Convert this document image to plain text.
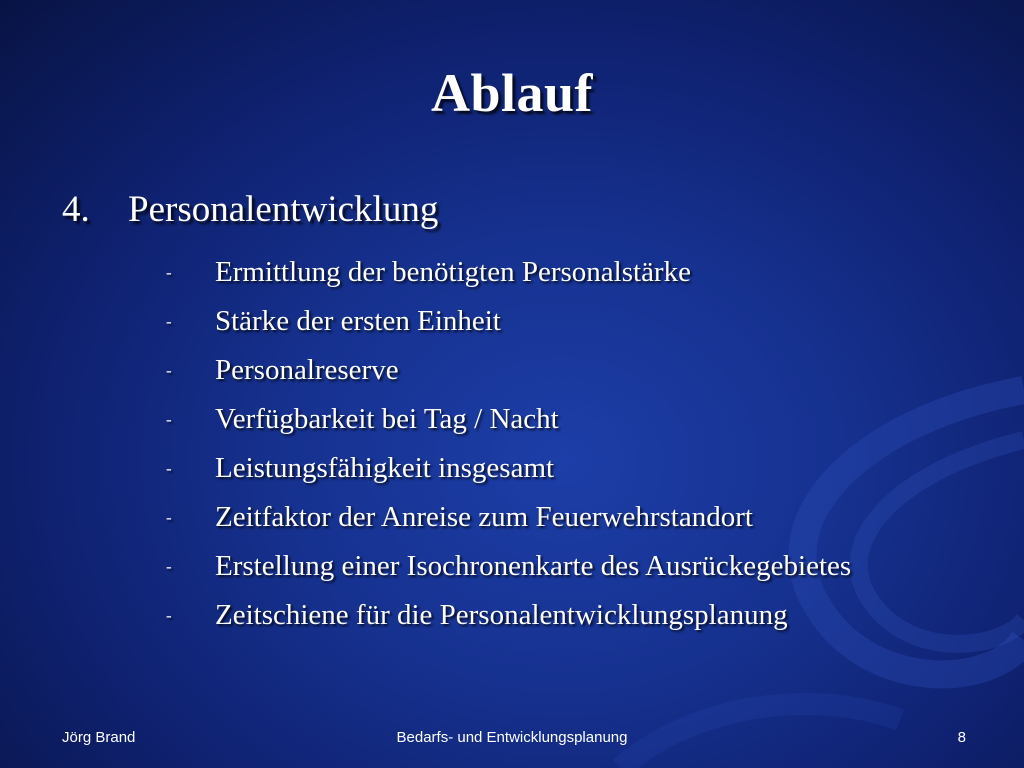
Ablauf
4. Personalentwicklung
-	Ermittlung der benötigten Personalstärke
-	Stärke der ersten Einheit
-	Personalreserve
-	Verfügbarkeit bei Tag / Nacht
-	Leistungsfähigkeit insgesamt
-	Zeitfaktor der Anreise zum Feuerwehrstandort
-	Erstellung einer Isochronenkarte des Ausrückegebietes
-	Zeitschiene für die Personalentwicklungsplanung
Jörg Brand	Bedarfs- und Entwicklungsplanung	8
